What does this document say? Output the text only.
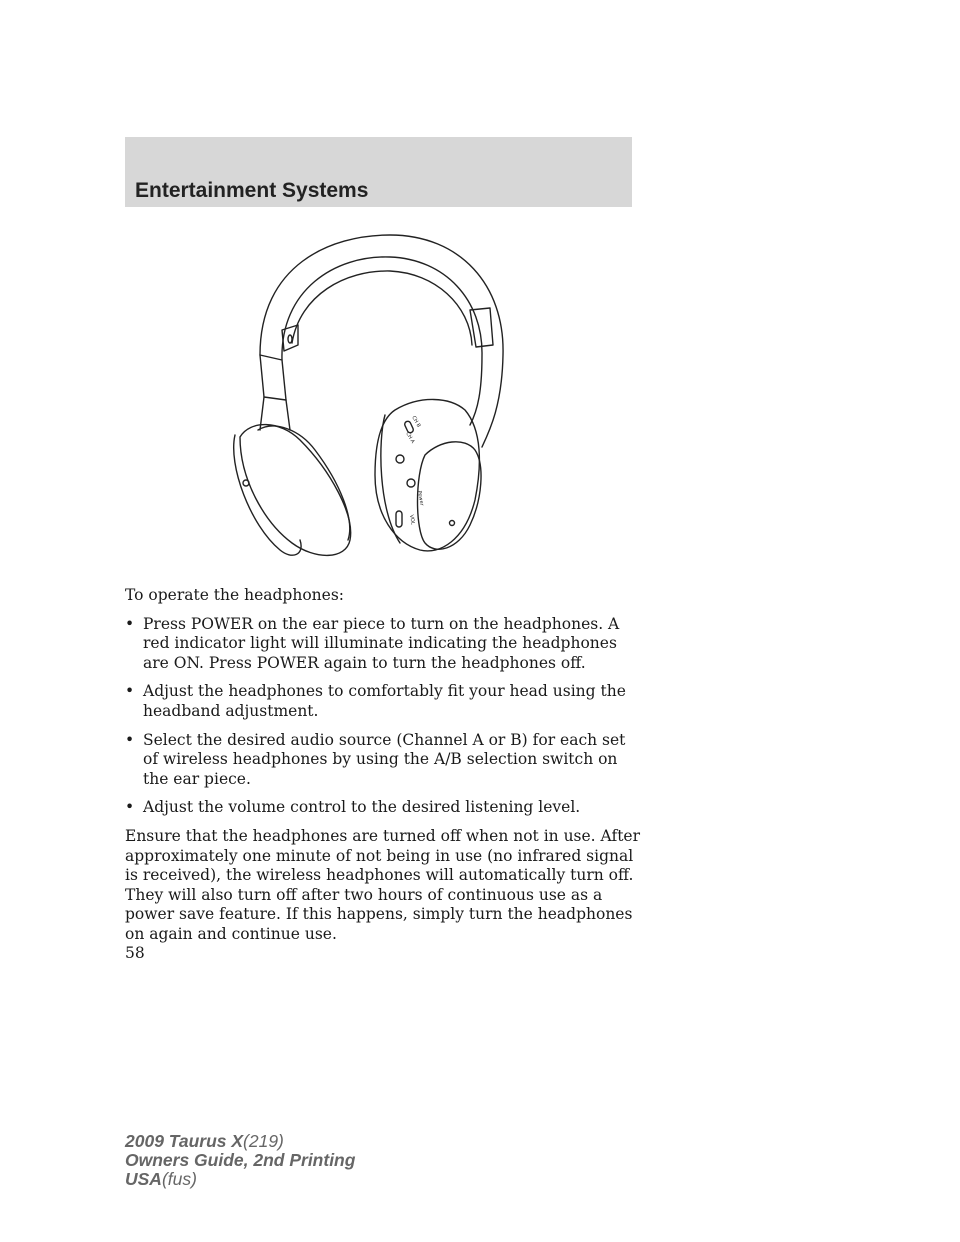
Entertainment Systems
CH B
CH A
Power
VOL

To operate the headphones:

• Press POWER on the ear piece to turn on the headphones. A red indicator light will illuminate indicating the headphones are ON. Press POWER again to turn the headphones off.
• Adjust the headphones to comfortably fit your head using the headband adjustment.
• Select the desired audio source (Channel A or B) for each set of wireless headphones by using the A/B selection switch on the ear piece.
• Adjust the volume control to the desired listening level.

Ensure that the headphones are turned off when not in use. After approximately one minute of not being in use (no infrared signal is received), the wireless headphones will automatically turn off. They will also turn off after two hours of continuous use as a power save feature. If this happens, simply turn the headphones on again and continue use.

58
2009 Taurus X(219)
Owners Guide, 2nd Printing
USA(fus)
